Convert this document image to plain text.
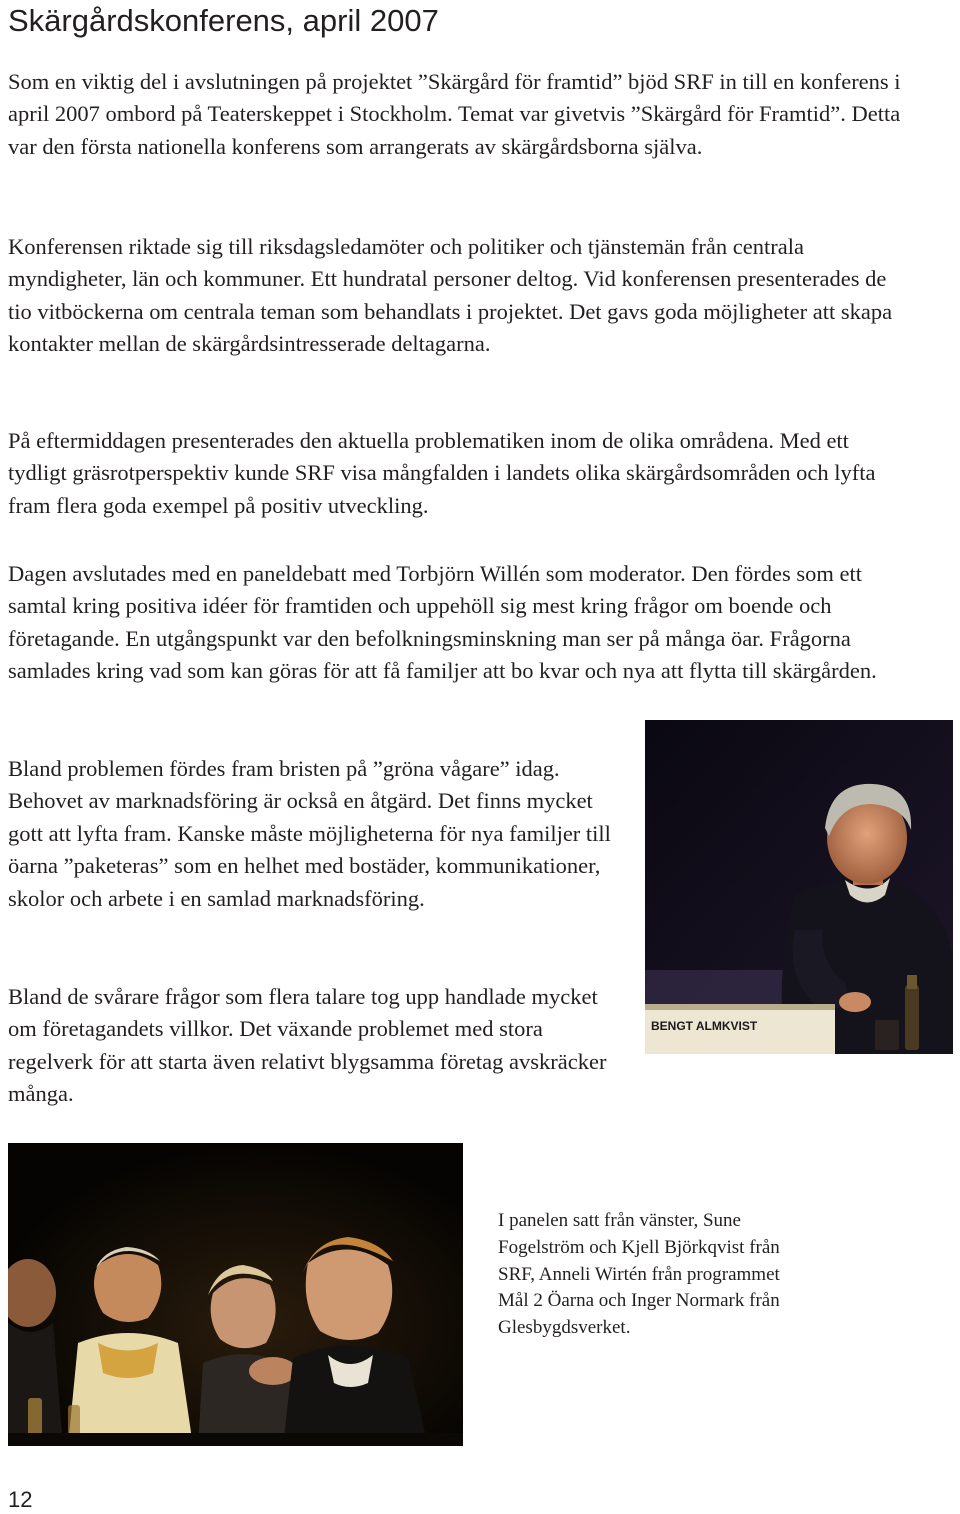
Skärgårdskonferens, april 2007

Som en viktig del i avslutningen på projektet ”Skärgård för framtid” bjöd SRF in till en konferens i april 2007 ombord på Teaterskeppet i Stockholm. Temat var givetvis ”Skärgård för Framtid”. Detta var den första nationella konferens som arrangerats av skärgårdsborna själva.

Konferensen riktade sig till riksdagsledamöter och politiker och tjänstemän från centrala myndigheter, län och kommuner. Ett hundratal personer deltog. Vid konferensen presenterades de tio vitböckerna om centrala teman som behandlats i projektet. Det gavs goda möjligheter att skapa kontakter mellan de skärgårdsintresserade deltagarna.

På eftermiddagen presenterades den aktuella problematiken inom de olika områdena. Med ett tydligt gräsrotperspektiv kunde SRF visa mångfalden i landets olika skärgårdsområden och lyfta fram flera goda exempel på positiv utveckling.

Dagen avslutades med en paneldebatt med Torbjörn Willén som moderator. Den fördes som ett samtal kring positiva idéer för framtiden och uppehöll sig mest kring frågor om boende och företagande. En utgångspunkt var den befolkningsminskning man ser på många öar. Frågorna samlades kring vad som kan göras för att få familjer att bo kvar och nya att flytta till skärgården.

Bland problemen fördes fram bristen på ”gröna vågare” idag. Behovet av marknadsföring är också en åtgärd. Det finns mycket gott att lyfta fram. Kanske måste möjligheterna för nya familjer till öarna ”paketeras” som en helhet med bostäder, kommunikationer, skolor och arbete i en samlad marknadsföring.

Bland de svårare frågor som flera talare tog upp handlade mycket om företagandets villkor. Det växande problemet med stora regelverk för att starta även relativt blygsamma företag avskräcker många.

BENGT ALMKVIST

I panelen satt från vänster, Sune Fogelström och Kjell Björkqvist från SRF, Anneli Wirtén från programmet Mål 2 Öarna och Inger Normark från Glesbygdsverket.

12
